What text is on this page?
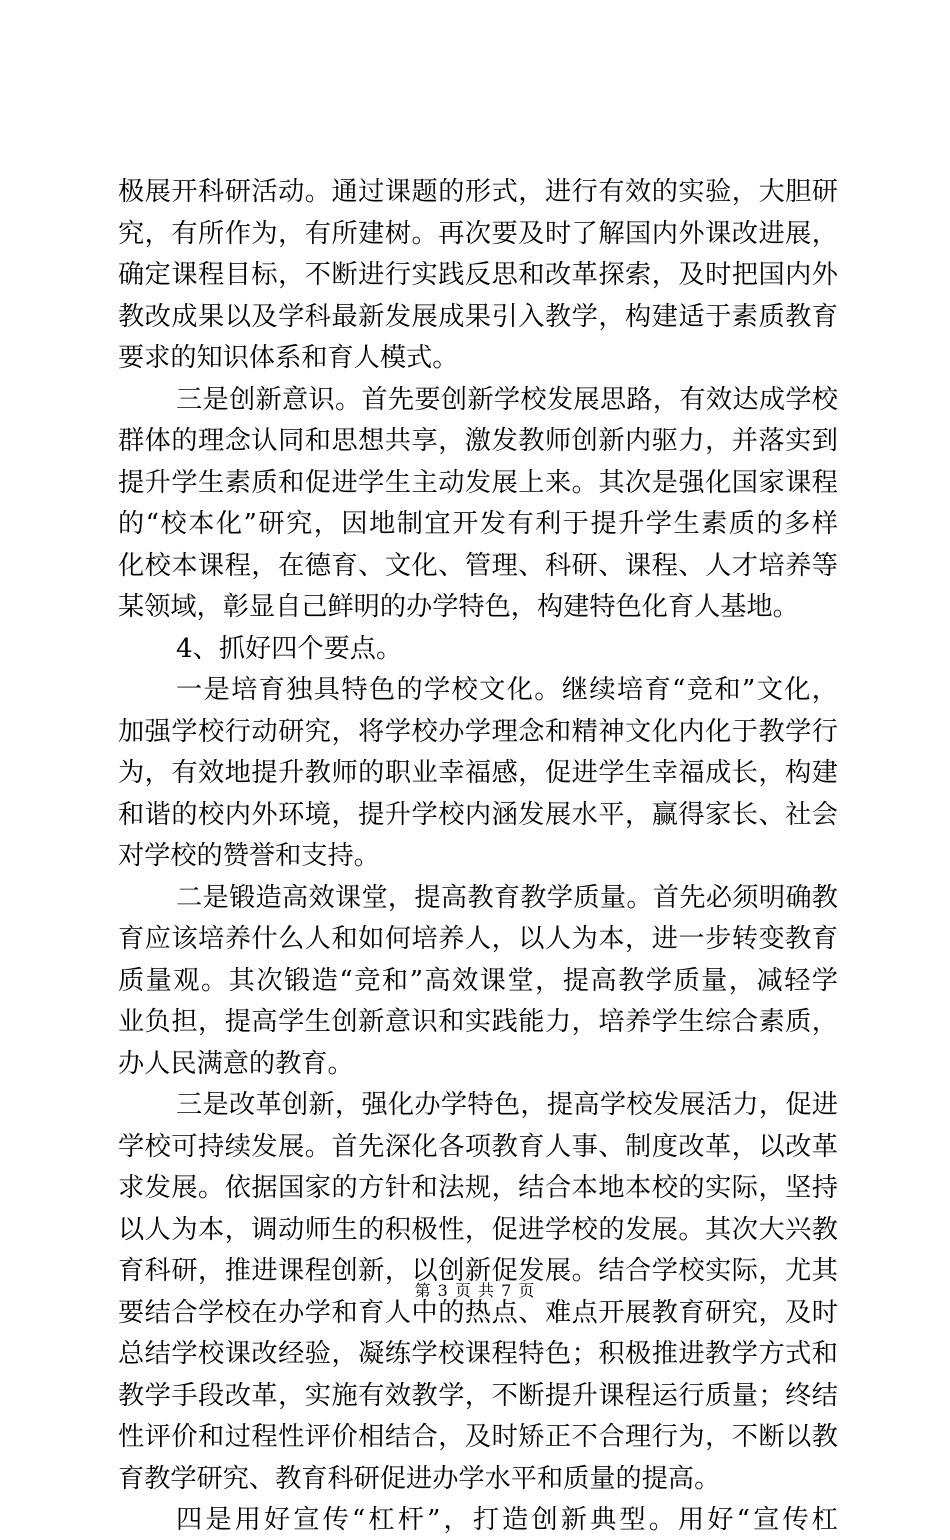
极展开科研活动。通过课题的形式，进行有效的实验，大胆研
究，有所作为，有所建树。再次要及时了解国内外课改进展，
确定课程目标，不断进行实践反思和改革探索，及时把国内外
教改成果以及学科最新发展成果引入教学，构建适于素质教育
要求的知识体系和育人模式。
三是创新意识。首先要创新学校发展思路，有效达成学校
群体的理念认同和思想共享，激发教师创新内驱力，并落实到
提升学生素质和促进学生主动发展上来。其次是强化国家课程
的“校本化”研究，因地制宜开发有利于提升学生素质的多样
化校本课程，在德育、文化、管理、科研、课程、人才培养等
某领域，彰显自己鲜明的办学特色，构建特色化育人基地。
4、抓好四个要点。
一是培育独具特色的学校文化。继续培育“竞和”文化，
加强学校行动研究，将学校办学理念和精神文化内化于教学行
为，有效地提升教师的职业幸福感，促进学生幸福成长，构建
和谐的校内外环境，提升学校内涵发展水平，赢得家长、社会
对学校的赞誉和支持。
二是锻造高效课堂，提高教育教学质量。首先必须明确教
育应该培养什么人和如何培养人，以人为本，进一步转变教育
质量观。其次锻造“竞和”高效课堂，提高教学质量，减轻学
业负担，提高学生创新意识和实践能力，培养学生综合素质，
办人民满意的教育。
三是改革创新，强化办学特色，提高学校发展活力，促进
学校可持续发展。首先深化各项教育人事、制度改革，以改革
求发展。依据国家的方针和法规，结合本地本校的实际，坚持
以人为本，调动师生的积极性，促进学校的发展。其次大兴教
育科研，推进课程创新，以创新促发展。结合学校实际，尤其
要结合学校在办学和育人中的热点、难点开展教育研究，及时
总结学校课改经验，凝练学校课程特色；积极推进教学方式和
教学手段改革，实施有效教学，不断提升课程运行质量；终结
性评价和过程性评价相结合，及时矫正不合理行为，不断以教
育教学研究、教育科研促进办学水平和质量的提高。
四是用好宣传“杠杆”，打造创新典型。用好“宣传杠
第 3 页 共 7 页
